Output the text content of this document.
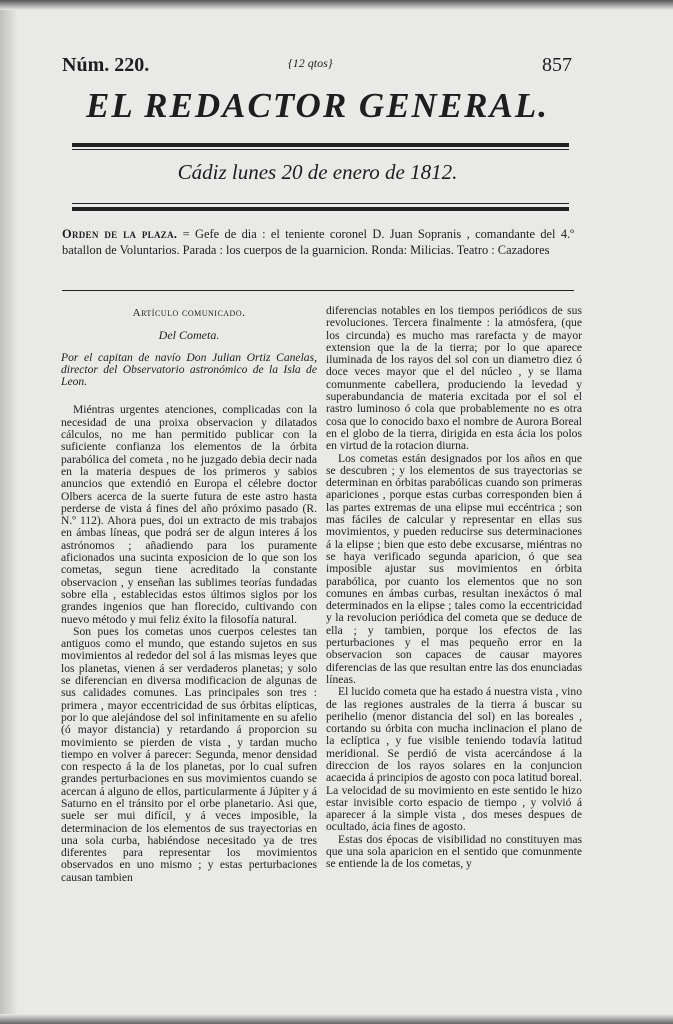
Núm. 220.	{12 qtos}	857
EL REDACTOR GENERAL.
Cádiz lunes 20 de enero de 1812.
Orden de la plaza. = Gefe de dia : el teniente coronel D. Juan Sopranis , comandante del 4.º batallon de Voluntarios. Parada : los cuerpos de la guarnicion. Ronda: Milicias. Teatro : Cazadores

Artículo comunicado.

Del Cometa.

Por el capitan de navío Don Julian Ortiz Canelas, director del Observatorio astronómico de la Isla de Leon.

Miéntras urgentes atenciones, complicadas con la necesidad de una proixa observacion y dilatados cálculos, no me han permitido publicar con la suficiente confianza los elementos de la órbita parabólica del cometa , no he juzgado debia decir nada en la materia despues de los primeros y sabios anuncios que extendió en Europa el célebre doctor Olbers acerca de la suerte futura de este astro hasta perderse de vista á fines del año próximo pasado (R. N.º 112). Ahora pues, doi un extracto de mis trabajos en ámbas líneas, que podrá ser de algun interes á los astrónomos ; añadiendo para los puramente aficionados una sucinta exposicion de lo que son los cometas, segun tiene acreditado la constante observacion , y enseñan las sublimes teorías fundadas sobre ella , establecidas estos últimos siglos por los grandes ingenios que han florecido, cultivando con nuevo método y mui feliz éxito la filosofía natural.

Son pues los cometas unos cuerpos celestes tan antiguos como el mundo, que estando sujetos en sus movimientos al rededor del sol á las mismas leyes que los planetas, vienen á ser verdaderos planetas; y solo se diferencian en diversa modificacion de algunas de sus calidades comunes. Las principales son tres : primera , mayor eccentricidad de sus órbitas elípticas, por lo que alejándose del sol infinitamente en su afelio (ó mayor distancia) y retardando á proporcion su movimiento se pierden de vista , y tardan mucho tiempo en volver á parecer: Segunda, menor densidad con respecto á la de los planetas, por lo cual sufren grandes perturbaciones en sus movimientos cuando se acercan á alguno de ellos, particularmente á Júpiter y á Saturno en el tránsito por el orbe planetario. Asi que, suele ser mui difícil, y á veces imposible, la determinacion de los elementos de sus trayectorias en una sola curba, habiéndose necesitado ya de tres diferentes para representar los movimientos observados en uno mismo ; y estas perturbaciones causan tambien

diferencias notables en los tiempos periódicos de sus revoluciones. Tercera finalmente : la atmósfera, (que los circunda) es mucho mas rarefacta y de mayor extension que la de la tierra; por lo que aparece iluminada de los rayos del sol con un diametro diez ó doce veces mayor que el del núcleo , y se llama comunmente cabellera, produciendo la levedad y superabundancia de materia excitada por el sol el rastro luminoso ó cola que probablemente no es otra cosa que lo conocido baxo el nombre de Aurora Boreal en el globo de la tierra, dirigida en esta ácia los polos en virtud de la rotacion diurna.

Los cometas están designados por los años en que se descubren ; y los elementos de sus trayectorias se determinan en órbitas parabólicas cuando son primeras apariciones , porque estas curbas corresponden bien á las partes extremas de una elipse mui eccéntrica ; son mas fáciles de calcular y representar en ellas sus movimientos, y pueden reducirse sus determinaciones á la elipse ; bien que esto debe excusarse, miéntras no se haya verificado segunda aparicion, ó que sea imposible ajustar sus movimientos en órbita parabólica, por cuanto los elementos que no son comunes en ámbas curbas, resultan inexáctos ó mal determinados en la elipse ; tales como la eccentricidad y la revolucion periódica del cometa que se deduce de ella ; y tambien, porque los efectos de las perturbaciones y el mas pequeño error en la observacion son capaces de causar mayores diferencias de las que resultan entre las dos enunciadas líneas.

El lucido cometa que ha estado á nuestra vista , vino de las regiones australes de la tierra á buscar su perihelio (menor distancia del sol) en las boreales , cortando su órbita con mucha inclinacion el plano de la eclíptica , y fue visible teniendo todavía latitud meridional. Se perdió de vista acercándose á la direccion de los rayos solares en la conjuncion acaecida á principios de agosto con poca latitud boreal. La velocidad de su movimiento en este sentido le hizo estar invisible corto espacio de tiempo , y volvió á aparecer á la simple vista , dos meses despues de ocultado, ácia fines de agosto.

Estas dos épocas de visibilidad no constituyen mas que una sola aparicion en el sentido que comunmente se entiende la de los cometas, y
